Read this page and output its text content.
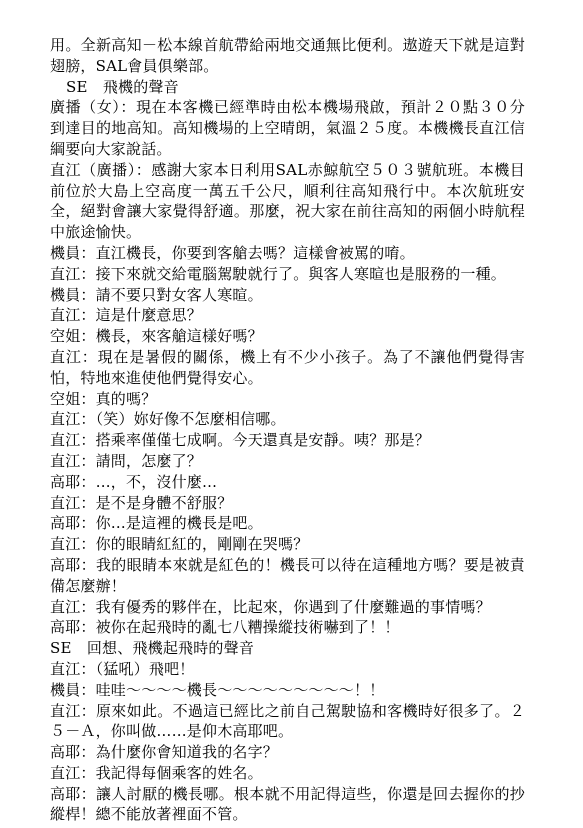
用。全新高知－松本線首航帶給兩地交通無比便利。遨遊天下就是這對翅膀，SAL會員俱樂部。
SE　飛機的聲音
廣播（女）：現在本客機已經準時由松本機場飛啟，預計２０點３０分到達目的地高知。高知機場的上空晴朗，氣溫２５度。本機機長直江信綱要向大家說話。
直江（廣播）：感謝大家本日利用SAL赤鯨航空５０３號航班。本機目前位於大島上空高度一萬五千公尺，順利往高知飛行中。本次航班安全，絕對會讓大家覺得舒適。那麼，祝大家在前往高知的兩個小時航程中旅途愉快。
機員：直江機長，你要到客艙去嗎？這樣會被罵的唷。
直江：接下來就交給電腦駕駛就行了。與客人寒暄也是服務的一種。
機員：請不要只對女客人寒暄。
直江：這是什麼意思？
空姐：機長，來客艙這樣好嗎？
直江：現在是暑假的關係，機上有不少小孩子。為了不讓他們覺得害怕，特地來進使他們覺得安心。
空姐：真的嗎？
直江：（笑）妳好像不怎麼相信哪。
直江：搭乘率僅僅七成啊。今天還真是安靜。咦？那是？
直江：請問，怎麼了？
高耶：…，不，沒什麼…
直江：是不是身體不舒服？
高耶：你…是這裡的機長是吧。
直江：你的眼睛紅紅的，剛剛在哭嗎？
高耶：我的眼睛本來就是紅色的！機長可以待在這種地方嗎？要是被責備怎麼辦！
直江：我有優秀的夥伴在，比起來，你遇到了什麼難過的事情嗎？
高耶：被你在起飛時的亂七八糟操縱技術嚇到了！！
SE　回想、飛機起飛時的聲音
直江：（猛吼）飛吧！
機員：哇哇～～～～機長～～～～～～～～～！！
直江：原來如此。不過這已經比之前自己駕駛協和客機時好很多了。２５－Ａ，你叫做……是仰木高耶吧。
高耶：為什麼你會知道我的名字？
直江：我記得每個乘客的姓名。
高耶：讓人討厭的機長哪。根本就不用記得這些，你還是回去握你的抄縱桿！總不能放著裡面不管。
